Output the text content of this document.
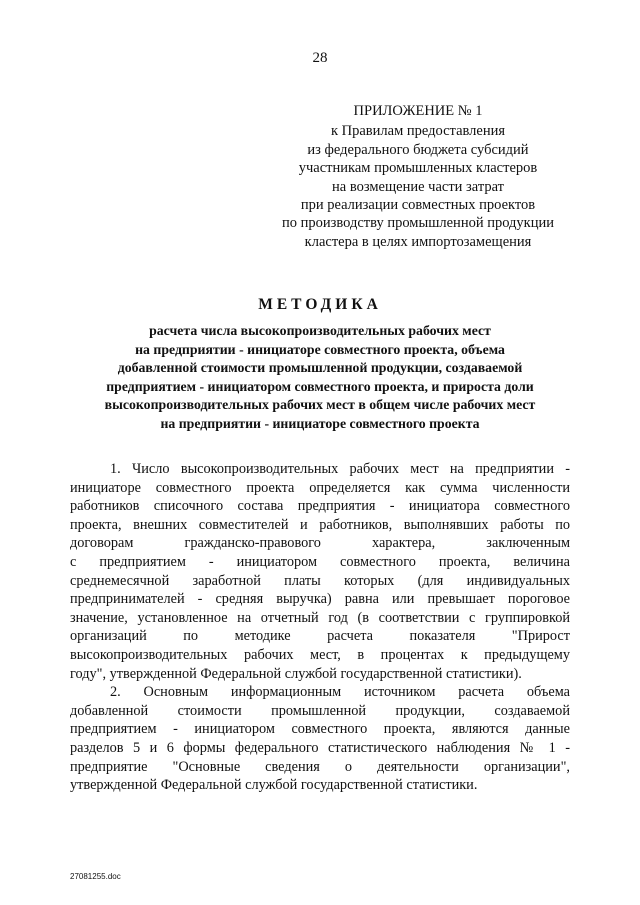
28
ПРИЛОЖЕНИЕ № 1
к Правилам предоставления
из федерального бюджета субсидий
участникам промышленных кластеров
на возмещение части затрат
при реализации совместных проектов
по производству промышленной продукции
кластера в целях импортозамещения
МЕТОДИКА
расчета числа высокопроизводительных рабочих мест
на предприятии - инициаторе совместного проекта, объема
добавленной стоимости промышленной продукции, создаваемой
предприятием - инициатором совместного проекта, и прироста доли
высокопроизводительных рабочих мест в общем числе рабочих мест
на предприятии - инициаторе совместного проекта
1. Число высокопроизводительных рабочих мест на предприятии -
инициаторе совместного проекта определяется как сумма численности
работников списочного состава предприятия - инициатора совместного
проекта, внешних совместителей и работников, выполнявших работы по
договорам гражданско-правового характера, заключенным
с предприятием - инициатором совместного проекта, величина
среднемесячной заработной платы которых (для индивидуальных
предпринимателей - средняя выручка) равна или превышает пороговое
значение, установленное на отчетный год (в соответствии с группировкой
организаций по методике расчета показателя "Прирост
высокопроизводительных рабочих мест, в процентах к предыдущему
году", утвержденной Федеральной службой государственной статистики).
2. Основным информационным источником расчета объема
добавленной стоимости промышленной продукции, создаваемой
предприятием - инициатором совместного проекта, являются данные
разделов 5 и 6 формы федерального статистического наблюдения № 1 -
предприятие "Основные сведения о деятельности организации",
утвержденной Федеральной службой государственной статистики.
27081255.doc
